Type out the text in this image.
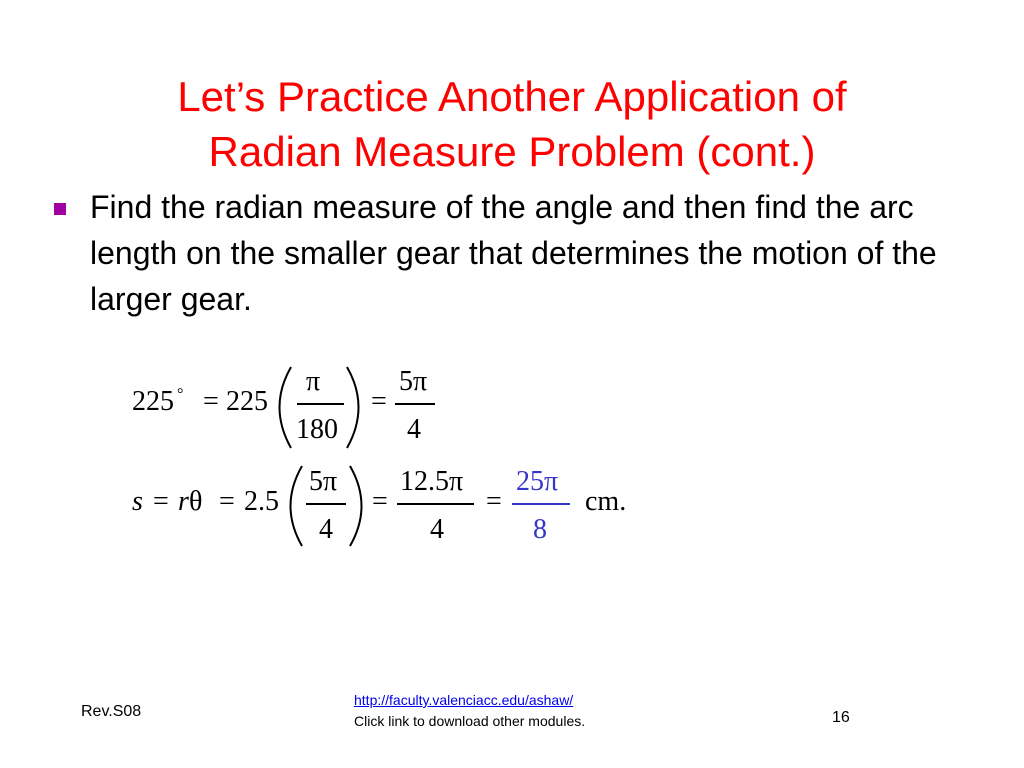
Let’s Practice Another Application of
Radian Measure Problem (cont.)
Find the radian measure of the angle and then find the arc length on the smaller gear that determines the motion of the larger gear.
225 ° = 225
π
180
=
5π
4
s = r θ = 2.5
5π
4
=
12.5π
4
=
25π
8
cm.
Rev.S08
http://faculty.valenciacc.edu/ashaw/
Click link to download other modules.	16
